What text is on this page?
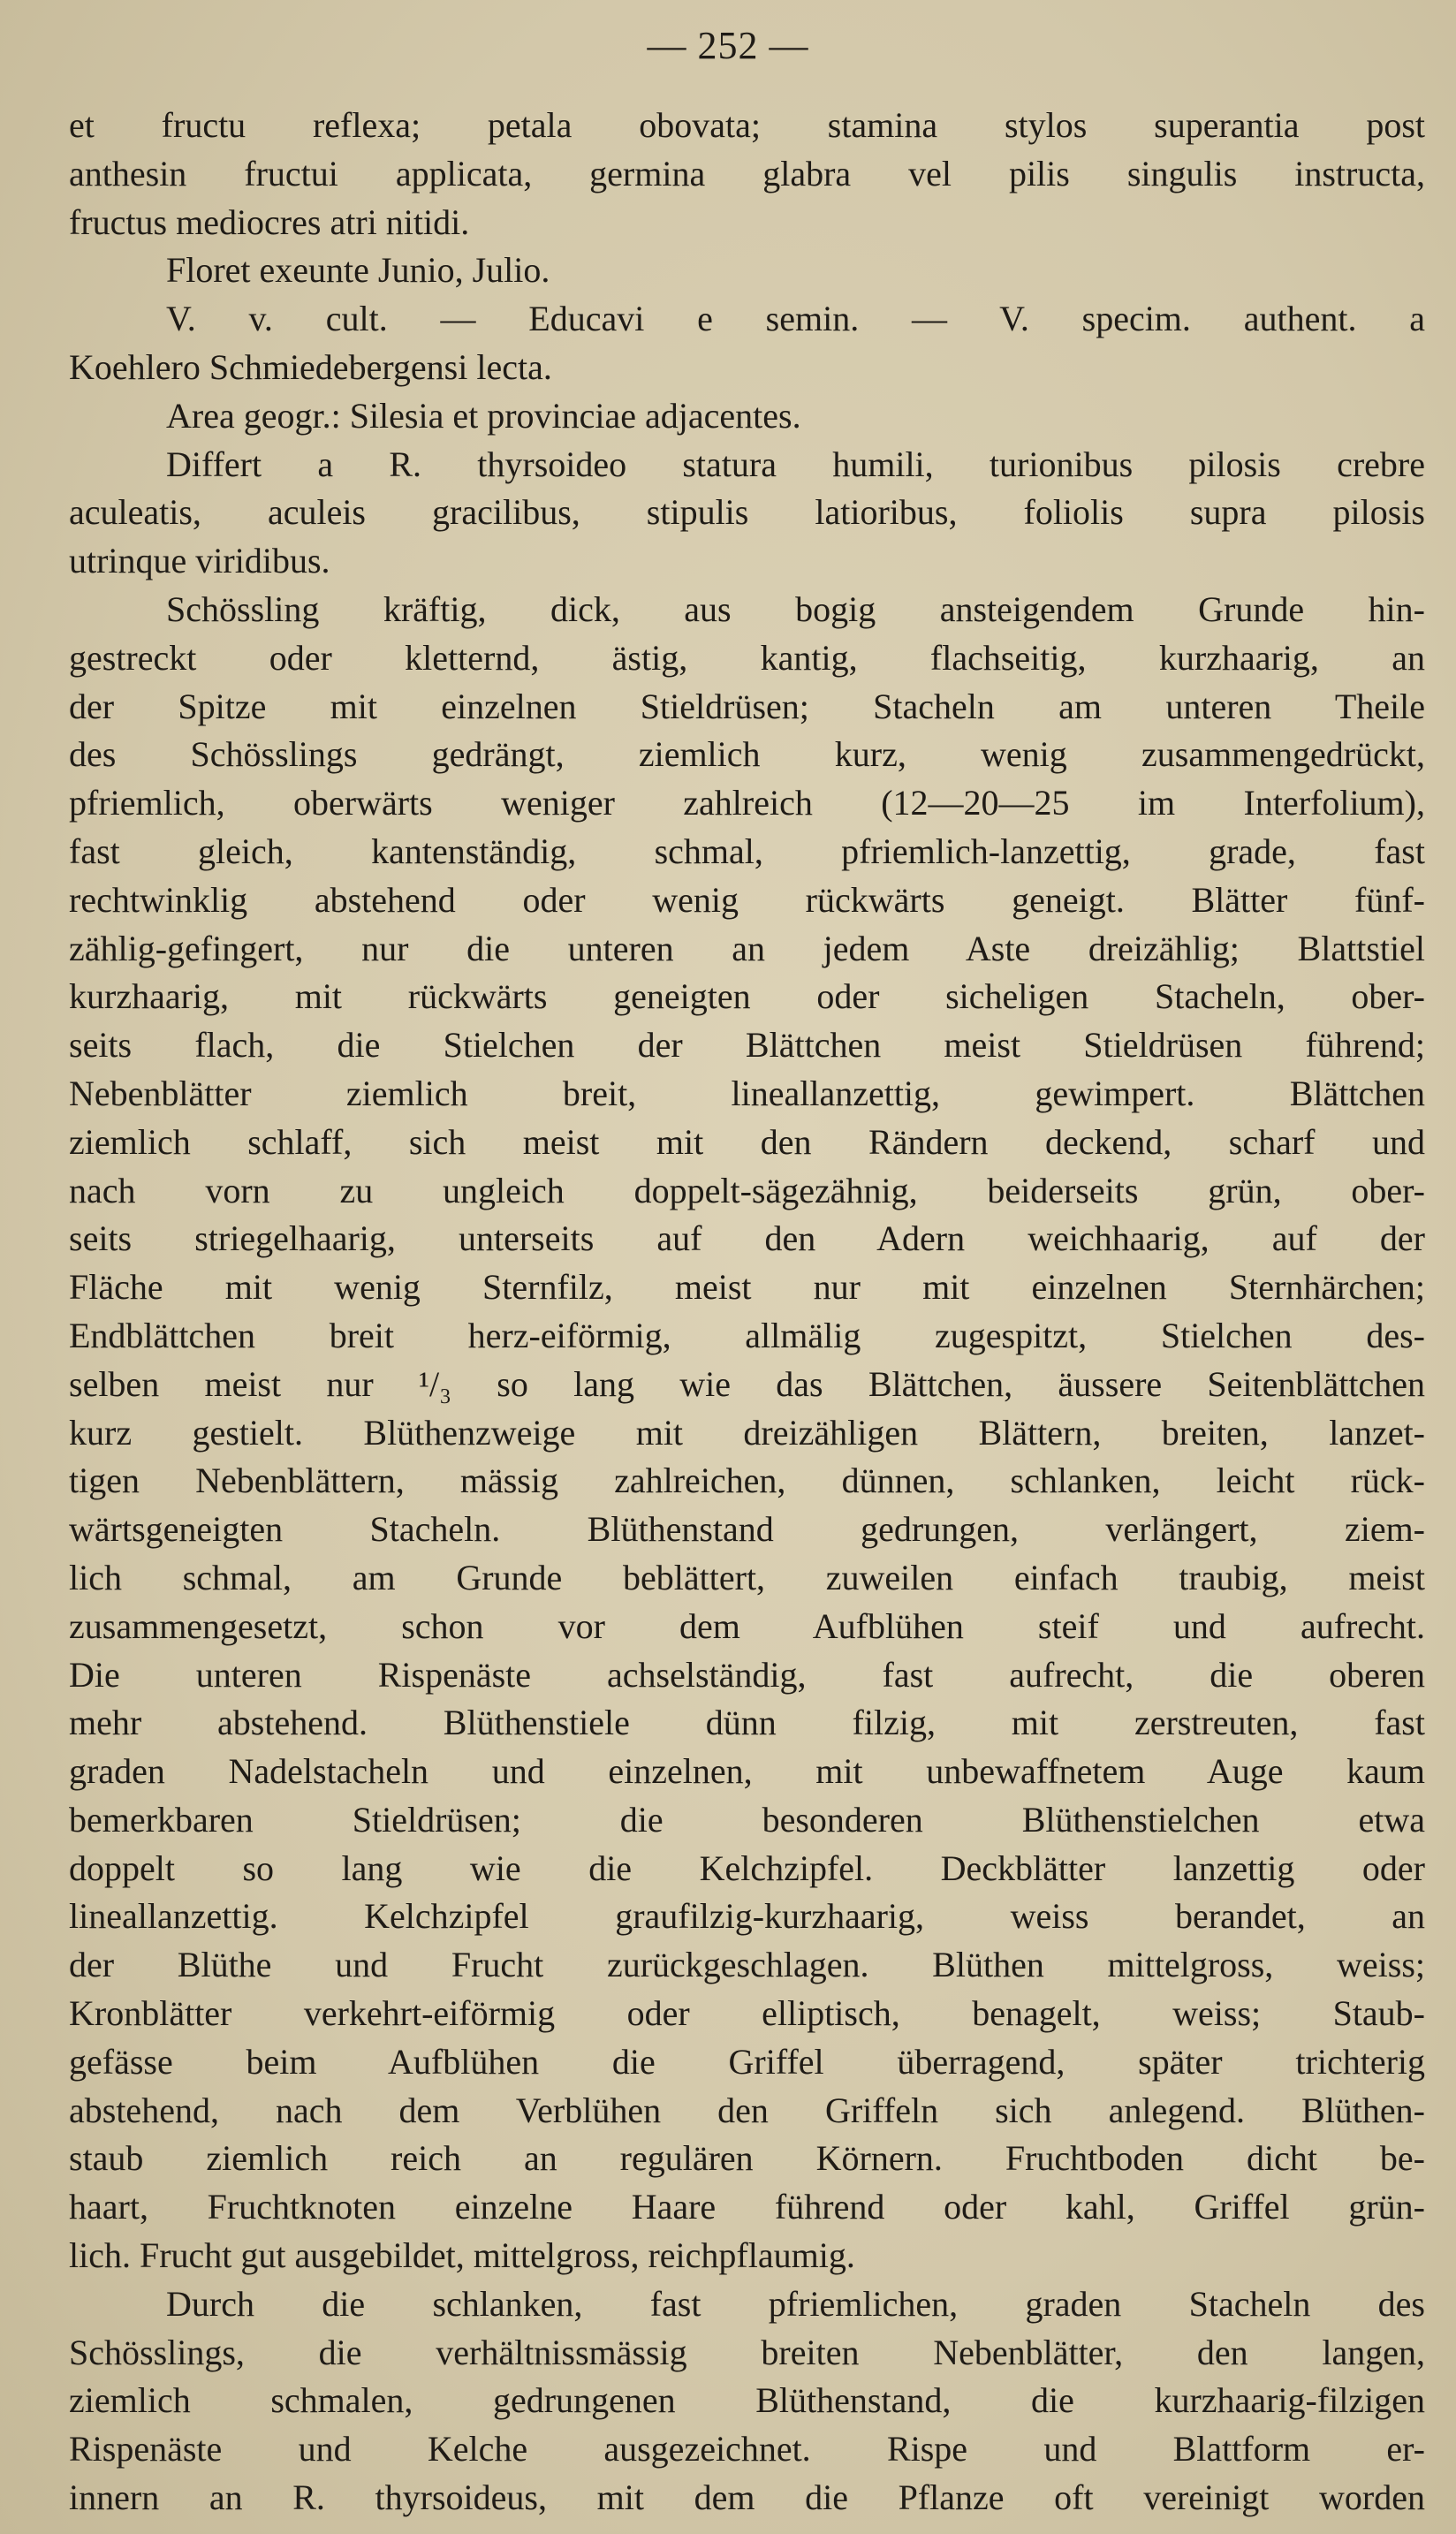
— 252 —
et fructu reflexa; petala obovata; stamina stylos superantia post
anthesin fructui applicata, germina glabra vel pilis singulis instructa,
fructus mediocres atri nitidi.
Floret exeunte Junio, Julio.
V. v. cult. — Educavi e semin. — V. specim. authent. a
Koehlero Schmiedebergensi lecta.
Area geogr.: Silesia et provinciae adjacentes.
Differt a R. thyrsoideo statura humili, turionibus pilosis crebre
aculeatis, aculeis gracilibus, stipulis latioribus, foliolis supra pilosis
utrinque viridibus.
Schössling kräftig, dick, aus bogig ansteigendem Grunde hin-
gestreckt oder kletternd, ästig, kantig, flachseitig, kurzhaarig, an
der Spitze mit einzelnen Stieldrüsen; Stacheln am unteren Theile
des Schösslings gedrängt, ziemlich kurz, wenig zusammengedrückt,
pfriemlich, oberwärts weniger zahlreich (12—20—25 im Interfolium),
fast gleich, kantenständig, schmal, pfriemlich-lanzettig, grade, fast
rechtwinklig abstehend oder wenig rückwärts geneigt. Blätter fünf-
zählig-gefingert, nur die unteren an jedem Aste dreizählig; Blattstiel
kurzhaarig, mit rückwärts geneigten oder sicheligen Stacheln, ober-
seits flach, die Stielchen der Blättchen meist Stieldrüsen führend;
Nebenblätter ziemlich breit, lineallanzettig, gewimpert. Blättchen
ziemlich schlaff, sich meist mit den Rändern deckend, scharf und
nach vorn zu ungleich doppelt-sägezähnig, beiderseits grün, ober-
seits striegelhaarig, unterseits auf den Adern weichhaarig, auf der
Fläche mit wenig Sternfilz, meist nur mit einzelnen Sternhärchen;
Endblättchen breit herz-eiförmig, allmälig zugespitzt, Stielchen des-
selben meist nur ¹/₃ so lang wie das Blättchen, äussere Seitenblättchen
kurz gestielt. Blüthenzweige mit dreizähligen Blättern, breiten, lanzet-
tigen Nebenblättern, mässig zahlreichen, dünnen, schlanken, leicht rück-
wärtsgeneigten Stacheln. Blüthenstand gedrungen, verlängert, ziem-
lich schmal, am Grunde beblättert, zuweilen einfach traubig, meist
zusammengesetzt, schon vor dem Aufblühen steif und aufrecht.
Die unteren Rispenäste achselständig, fast aufrecht, die oberen
mehr abstehend. Blüthenstiele dünn filzig, mit zerstreuten, fast
graden Nadelstacheln und einzelnen, mit unbewaffnetem Auge kaum
bemerkbaren Stieldrüsen; die besonderen Blüthenstielchen etwa
doppelt so lang wie die Kelchzipfel. Deckblätter lanzettig oder
lineallanzettig. Kelchzipfel graufilzig-kurzhaarig, weiss berandet, an
der Blüthe und Frucht zurückgeschlagen. Blüthen mittelgross, weiss;
Kronblätter verkehrt-eiförmig oder elliptisch, benagelt, weiss; Staub-
gefässe beim Aufblühen die Griffel überragend, später trichterig
abstehend, nach dem Verblühen den Griffeln sich anlegend. Blüthen-
staub ziemlich reich an regulären Körnern. Fruchtboden dicht be-
haart, Fruchtknoten einzelne Haare führend oder kahl, Griffel grün-
lich. Frucht gut ausgebildet, mittelgross, reichpflaumig.
Durch die schlanken, fast pfriemlichen, graden Stacheln des
Schösslings, die verhältnissmässig breiten Nebenblätter, den langen,
ziemlich schmalen, gedrungenen Blüthenstand, die kurzhaarig-filzigen
Rispenäste und Kelche ausgezeichnet. Rispe und Blattform er-
innern an R. thyrsoideus, mit dem die Pflanze oft vereinigt worden
